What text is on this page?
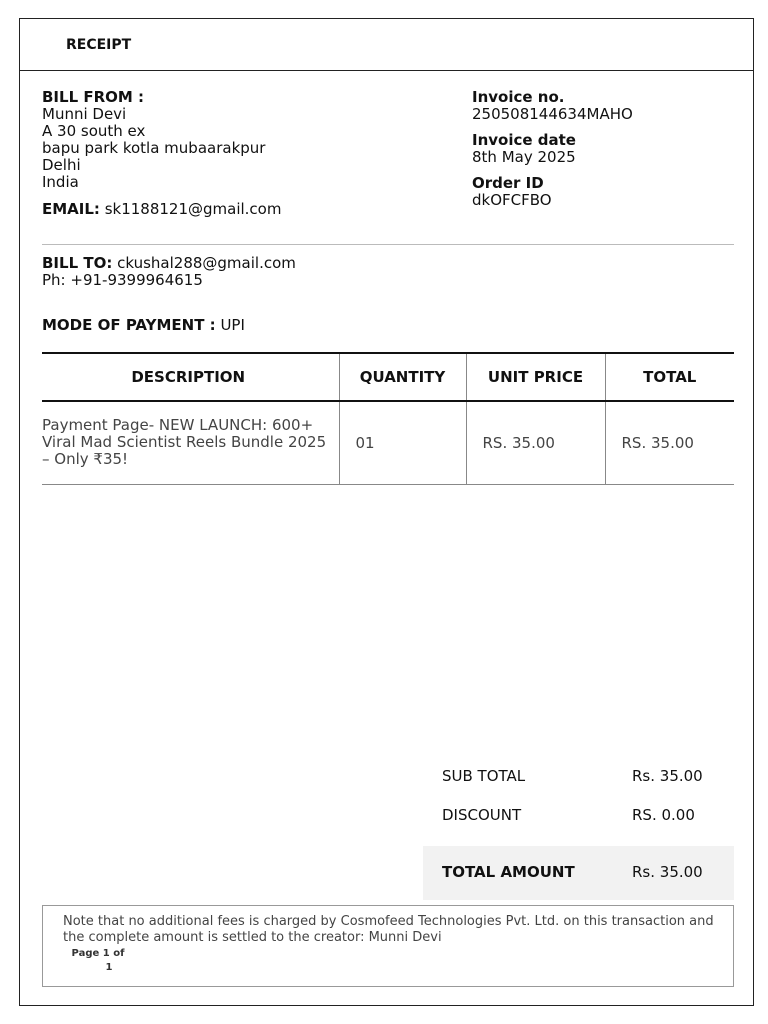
RECEIPT
BILL FROM :
Munni Devi
A 30 south ex
bapu park kotla mubaarakpur
Delhi
India
EMAIL: sk1188121@gmail.com
Invoice no.
250508144634MAHO
Invoice date
8th May 2025
Order ID
dkOFCFBO
BILL TO: ckushal288@gmail.com
Ph: +91-9399964615
MODE OF PAYMENT : UPI
DESCRIPTION	QUANTITY	UNIT PRICE	TOTAL
Payment Page- NEW LAUNCH: 600+ Viral Mad Scientist Reels Bundle 2025 – Only ₹35!	01	RS. 35.00	RS. 35.00
SUB TOTAL	Rs. 35.00
DISCOUNT	RS. 0.00
TOTAL AMOUNT	Rs. 35.00
Note that no additional fees is charged by Cosmofeed Technologies Pvt. Ltd. on this transaction and the complete amount is settled to the creator: Munni Devi
Page 1 of
1
